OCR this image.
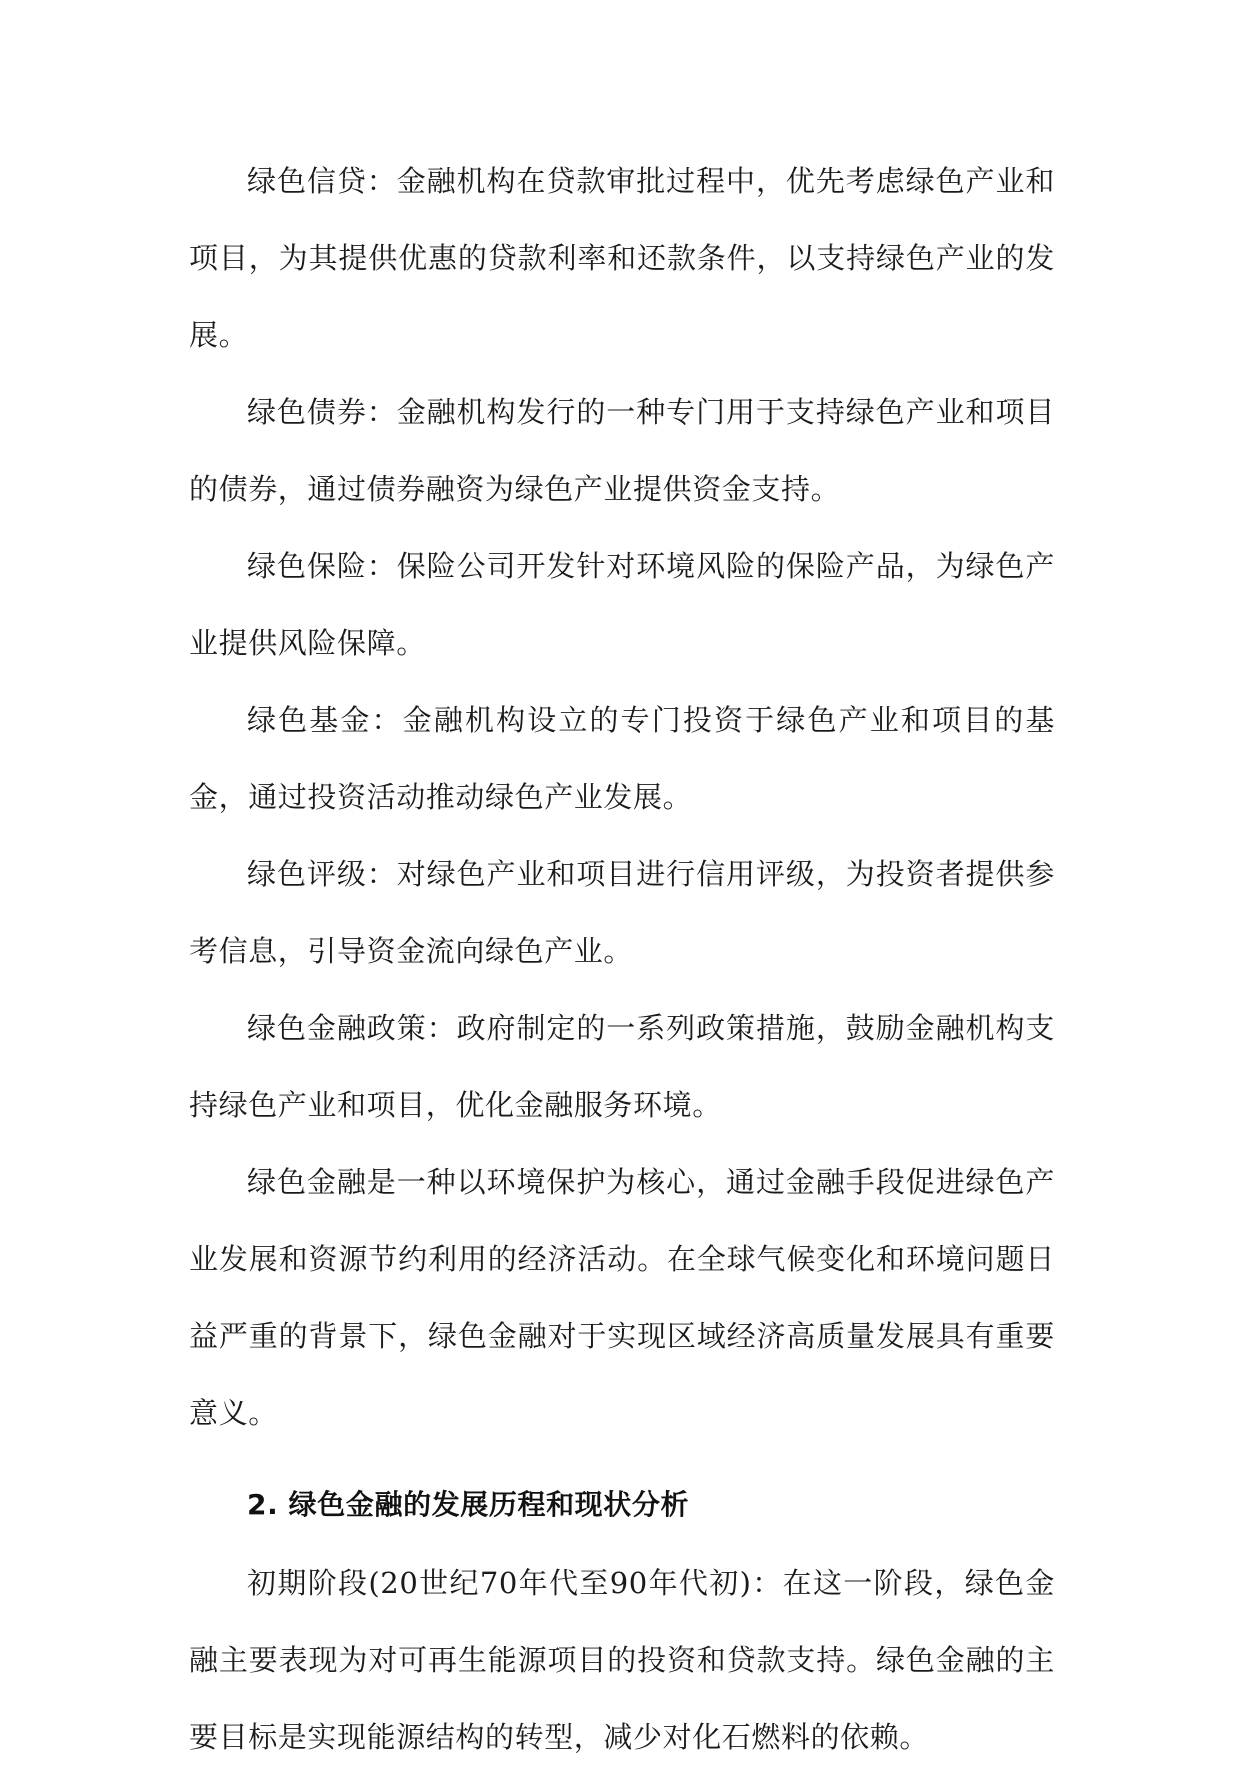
绿色信贷：金融机构在贷款审批过程中，优先考虑绿色产业和项目，为其提供优惠的贷款利率和还款条件，以支持绿色产业的发展。

绿色债券：金融机构发行的一种专门用于支持绿色产业和项目的债券，通过债券融资为绿色产业提供资金支持。

绿色保险：保险公司开发针对环境风险的保险产品，为绿色产业提供风险保障。

绿色基金：金融机构设立的专门投资于绿色产业和项目的基金，通过投资活动推动绿色产业发展。

绿色评级：对绿色产业和项目进行信用评级，为投资者提供参考信息，引导资金流向绿色产业。

绿色金融政策：政府制定的一系列政策措施，鼓励金融机构支持绿色产业和项目，优化金融服务环境。

绿色金融是一种以环境保护为核心，通过金融手段促进绿色产业发展和资源节约利用的经济活动。在全球气候变化和环境问题日益严重的背景下，绿色金融对于实现区域经济高质量发展具有重要意义。

2. 绿色金融的发展历程和现状分析

初期阶段(20世纪70年代至90年代初)：在这一阶段，绿色金融主要表现为对可再生能源项目的投资和贷款支持。绿色金融的主要目标是实现能源结构的转型，减少对化石燃料的依赖。
